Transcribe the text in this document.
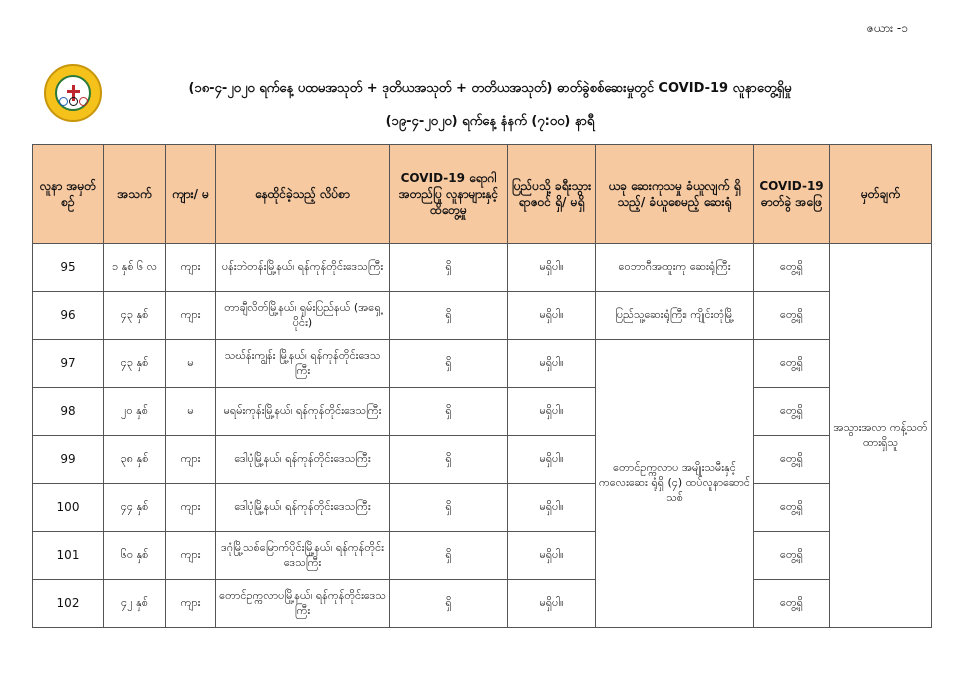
ဇယား -၁
(၁၈-၄-၂၀၂၀ ရက်နေ့ ပထမအသုတ် + ဒုတိယအသုတ် + တတိယအသုတ်) ဓာတ်ခွဲစစ်ဆေးမှုတွင် COVID-19 လူနာတွေ့ရှိမှု
(၁၉-၄-၂၀၂၀) ရက်နေ့ နံနက် (၇:၀၀) နာရီ
လူနာ အမှတ် စဉ်	အသက်	ကျား/ မ	နေထိုင်ခဲ့သည့် လိပ်စာ	COVID-19 ရောဂါ အတည်ပြု လူနာများနှင့် ထိတွေ့မှု	ပြည်ပသို့ ခရီးသွား ရာဇဝင် ရှိ/ မရှိ	ယခု ဆေးကုသမှု ခံယူလျက် ရှိသည့်/ ခံယူစေမည့် ဆေးရုံ	COVID-19 ဓာတ်ခွဲ အဖြေ	မှတ်ချက်
95	၁ နှစ် ၆ လ	ကျား	ပန်းဘဲတန်းမြို့နယ်၊ ရန်ကုန်တိုင်းဒေသကြီး	ရှိ	မရှိပါ။	ဝေဘာဂီအထူးကု ဆေးရုံကြီး	တွေ့ရှိ	အသွားအလာ ကန့်သတ် ထားရှိသူ
96	၄၃ နှစ်	ကျား	တာချီလိတ်မြို့နယ်၊ ရှမ်းပြည်နယ် (အရှေ့ပိုင်း)	ရှိ	မရှိပါ။	ပြည်သူ့ဆေးရုံကြီး၊ ကျိုင်းတုံမြို့	တွေ့ရှိ	
97	၄၃ နှစ်	မ	သဃ်န်းကျွန်း မြို့နယ်၊ ရန်ကုန်တိုင်းဒေသကြီး	ရှိ	မရှိပါ။	တောင်ဥက္ကလာပ အမျိုးသမီးနှင့်ကလေးဆေး ရုံရှိ (၄) ထပ်လူနာဆောင်သစ်	တွေ့ရှိ	
98	၂၀ နှစ်	မ	မရမ်းကုန်းမြို့နယ်၊ ရန်ကုန်တိုင်းဒေသကြီး	ရှိ	မရှိပါ။		တွေ့ရှိ	
99	၃၈ နှစ်	ကျား	ဒေါပုံမြို့နယ်၊ ရန်ကုန်တိုင်းဒေသကြီး	ရှိ	မရှိပါ။		တွေ့ရှိ	
100	၄၄ နှစ်	ကျား	ဒေါပုံမြို့နယ်၊ ရန်ကုန်တိုင်းဒေသကြီး	ရှိ	မရှိပါ။		တွေ့ရှိ	
101	၆၀ နှစ်	ကျား	ဒဂုံမြို့သစ်မြောက်ပိုင်းမြို့နယ်၊ ရန်ကုန်တိုင်းဒေသကြီး	ရှိ	မရှိပါ။		တွေ့ရှိ	
102	၄၂ နှစ်	ကျား	တောင်ဥက္ကလာပမြို့နယ်၊ ရန်ကုန်တိုင်းဒေသကြီး	ရှိ	မရှိပါ။		တွေ့ရှိ	
